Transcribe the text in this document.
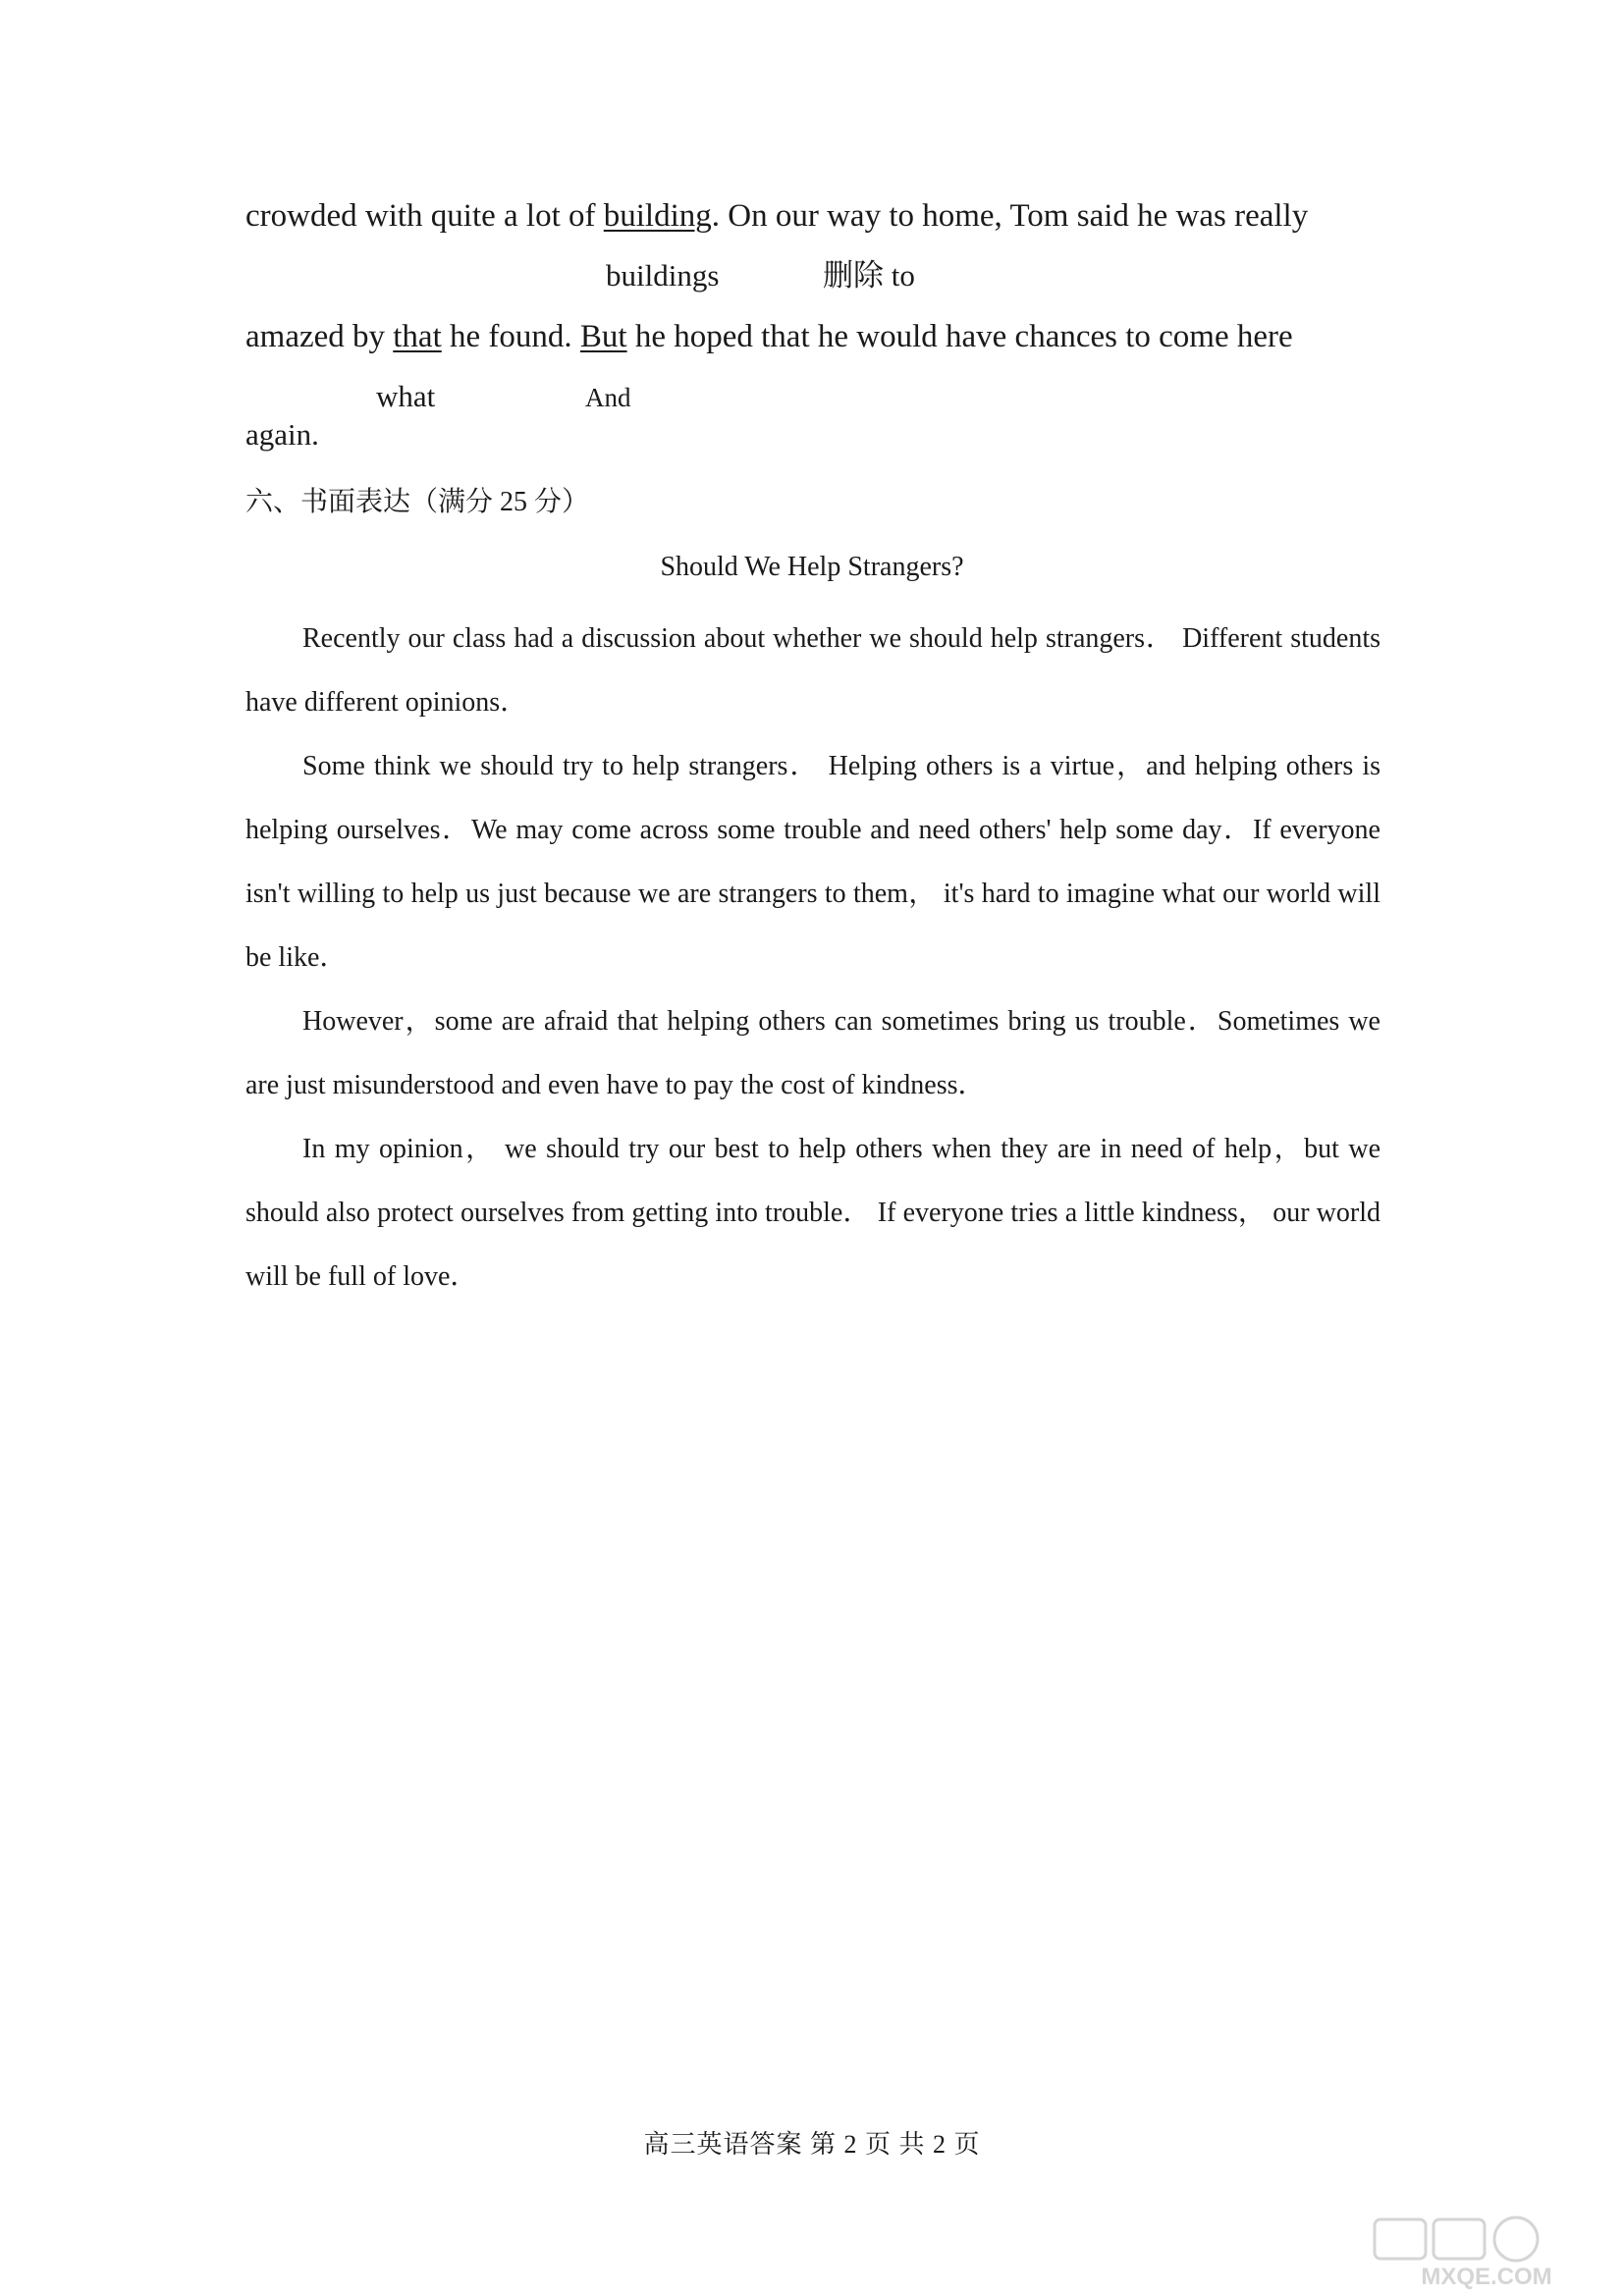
crowded with quite a lot of building. On our way to home, Tom said he was really
buildings	删除 to
amazed by that he found. But he hoped that he would have chances to come here
what	And
again.
六、书面表达（满分 25 分）
Should We Help Strangers?

Recently our class had a discussion about whether we should help strangers． Different students have different opinions．

Some think we should try to help strangers． Helping others is a virtue，and helping others is helping ourselves．We may come across some trouble and need others' help some day．If everyone isn't willing to help us just because we are strangers to them， it's hard to imagine what our world will be like．

However，some are afraid that helping others can sometimes bring us trouble．Sometimes we are just misunderstood and even have to pay the cost of kindness．

In my opinion， we should try our best to help others when they are in need of help，but we should also protect ourselves from getting into trouble． If everyone tries a little kindness， our world will be full of love．

高三英语答案 第 2 页 共 2 页
MXQE.COM
